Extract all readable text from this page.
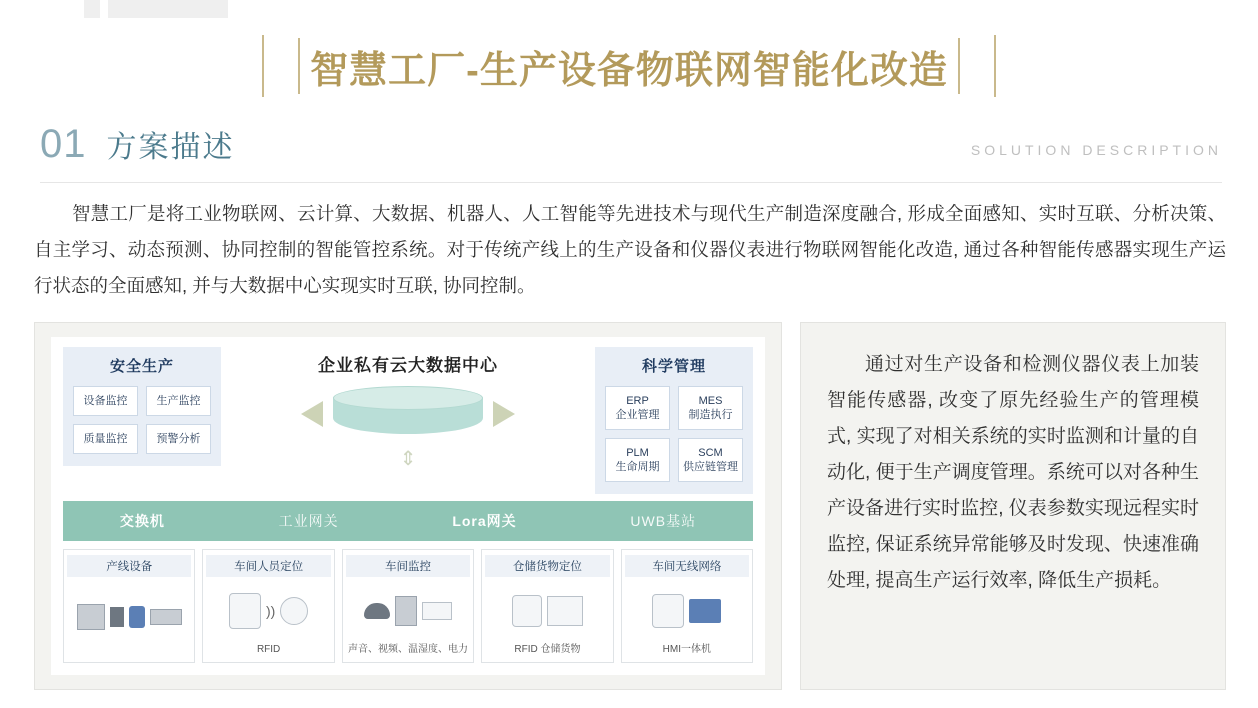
智慧工厂-生产设备物联网智能化改造
01 方案描述	SOLUTION DESCRIPTION
智慧工厂是将工业物联网、云计算、大数据、机器人、人工智能等先进技术与现代生产制造深度融合, 形成全面感知、实时互联、分析决策、自主学习、动态预测、协同控制的智能管控系统。对于传统产线上的生产设备和仪器仪表进行物联网智能化改造, 通过各种智能传感器实现生产运行状态的全面感知, 并与大数据中心实现实时互联, 协同控制。
安全生产
设备监控	生产监控
质量监控	预警分析
企业私有云大数据中心
⇕
科学管理
ERP
企业管理
MES
制造执行
PLM
生命周期
SCM
供应链管理
交换机	工业网关	Lora网关	UWB基站
产线设备	车间人员定位
))
RFID
车间监控
声音、视频、温湿度、电力
仓储货物定位
RFID 仓储货物
车间无线网络
HMI一体机

通过对生产设备和检测仪器仪表上加装智能传感器, 改变了原先经验生产的管理模式, 实现了对相关系统的实时监测和计量的自动化, 便于生产调度管理。系统可以对各种生产设备进行实时监控, 仪表参数实现远程实时监控, 保证系统异常能够及时发现、快速准确处理, 提高生产运行效率, 降低生产损耗。
